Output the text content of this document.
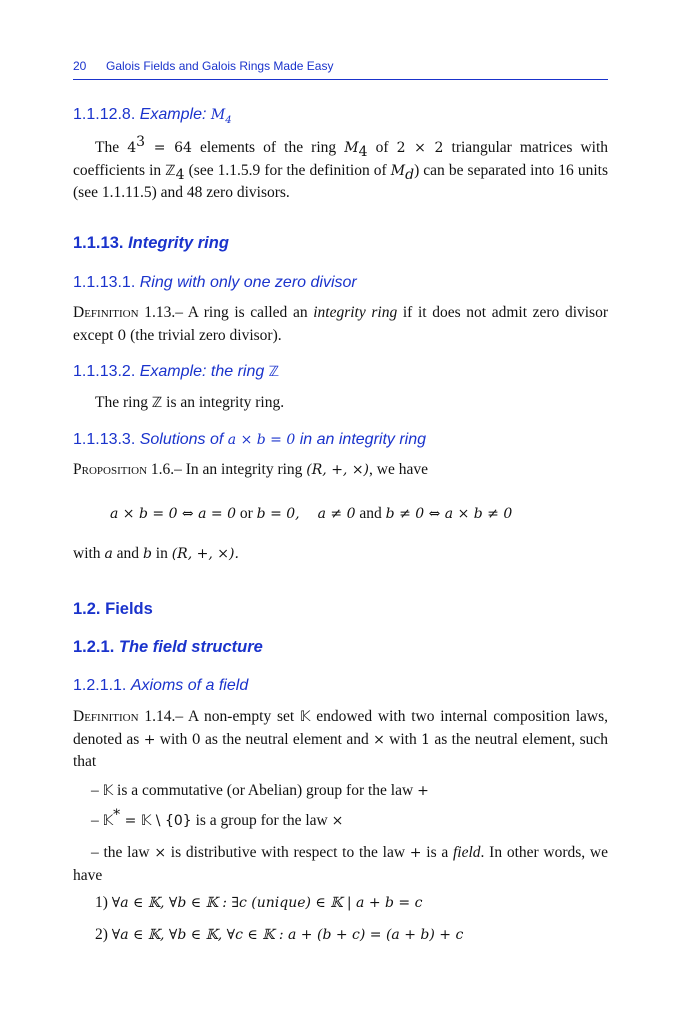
20 Galois Fields and Galois Rings Made Easy
1.1.12.8. Example: $M_4$
The $4^3 = 64$ elements of the ring $M_4$ of 2 × 2 triangular matrices with coefficients in ℤ$_4$ (see 1.1.5.9 for the definition of $M_d$) can be separated into 16 units (see 1.1.11.5) and 48 zero divisors.
1.1.13. Integrity ring
1.1.13.1. Ring with only one zero divisor
Definition 1.13.– A ring is called an integrity ring if it does not admit zero divisor except 0 (the trivial zero divisor).
1.1.13.2. Example: the ring ℤ
The ring ℤ is an integrity ring.
1.1.13.3. Solutions of a × b = 0 in an integrity ring
Proposition 1.6.– In an integrity ring (R, +, ×), we have
a × b = 0 ⇔ a = 0 or b = 0, a ≠ 0 and b ≠ 0 ⇔ a × b ≠ 0
with a and b in (R, +, ×).
1.2. Fields
1.2.1. The field structure
1.2.1.1. Axioms of a field
Definition 1.14.– A non-empty set 𝕂 endowed with two internal composition laws, denoted as + with 0 as the neutral element and × with 1 as the neutral element, such that
– 𝕂 is a commutative (or Abelian) group for the law +
– 𝕂* = 𝕂 \ {0} is a group for the law ×
– the law × is distributive with respect to the law + is a field. In other words, we have
1) ∀a ∈ 𝕂, ∀b ∈ 𝕂 : ∃c (unique) ∈ 𝕂 | a + b = c
2) ∀a ∈ 𝕂, ∀b ∈ 𝕂, ∀c ∈ 𝕂 : a + (b + c) = (a + b) + c
